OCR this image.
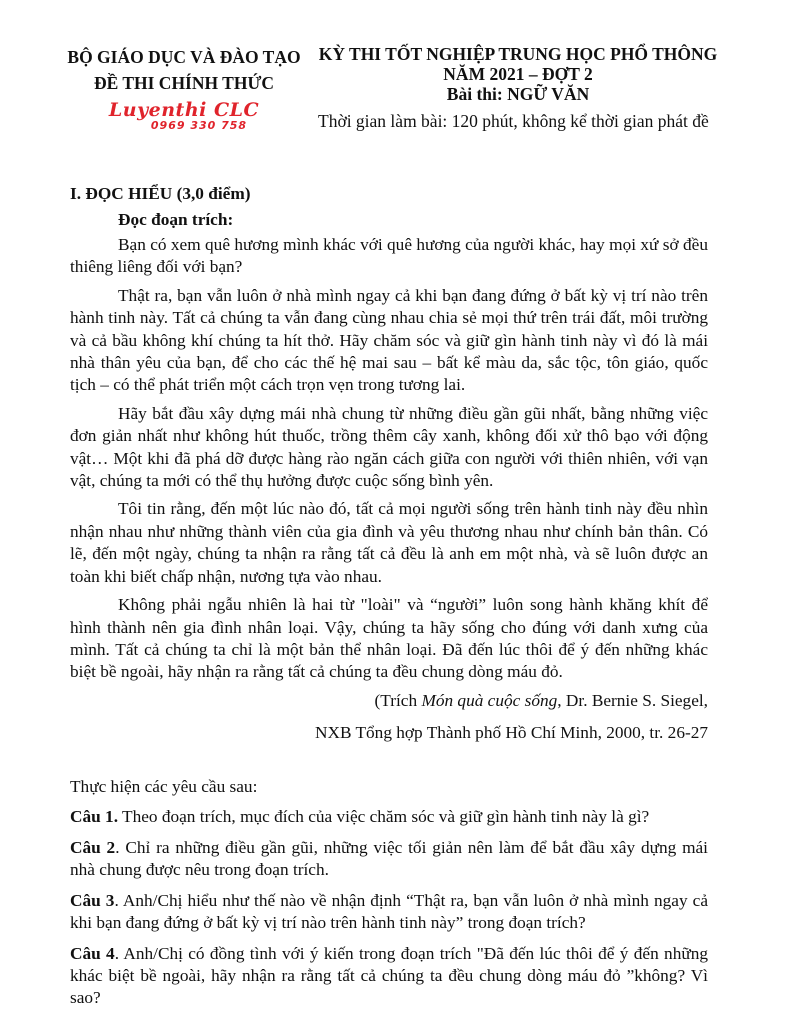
BỘ GIÁO DỤC VÀ ĐÀO TẠO
ĐỀ THI CHÍNH THỨC
Luyenthi CLC
0969 330 758
KỲ THI TỐT NGHIỆP TRUNG HỌC PHỔ THÔNG
NĂM 2021 – ĐỢT 2
Bài thi: NGỮ VĂN
Thời gian làm bài: 120 phút, không kể thời gian phát đề
I. ĐỌC HIỂU (3,0 điểm)
Đọc đoạn trích:

Bạn có xem quê hương mình khác với quê hương của người khác, hay mọi xứ sở đều thiêng liêng đối với bạn?

Thật ra, bạn vẫn luôn ở nhà mình ngay cả khi bạn đang đứng ở bất kỳ vị trí nào trên hành tinh này. Tất cả chúng ta vẫn đang cùng nhau chia sẻ mọi thứ trên trái đất, môi trường và cả bầu không khí chúng ta hít thở. Hãy chăm sóc và giữ gìn hành tinh này vì đó là mái nhà thân yêu của bạn, để cho các thế hệ mai sau – bất kể màu da, sắc tộc, tôn giáo, quốc tịch – có thể phát triển một cách trọn vẹn trong tương lai.

Hãy bắt đầu xây dựng mái nhà chung từ những điều gần gũi nhất, bằng những việc đơn giản nhất như không hút thuốc, trồng thêm cây xanh, không đối xử thô bạo với động vật… Một khi đã phá dỡ được hàng rào ngăn cách giữa con người với thiên nhiên, với vạn vật, chúng ta mới có thể thụ hưởng được cuộc sống bình yên.

Tôi tin rằng, đến một lúc nào đó, tất cả mọi người sống trên hành tinh này đều nhìn nhận nhau như những thành viên của gia đình và yêu thương nhau như chính bản thân. Có lẽ, đến một ngày, chúng ta nhận ra rằng tất cả đều là anh em một nhà, và sẽ luôn được an toàn khi biết chấp nhận, nương tựa vào nhau.

Không phải ngẫu nhiên là hai từ "loài" và “người” luôn song hành khăng khít để hình thành nên gia đình nhân loại. Vậy, chúng ta hãy sống cho đúng với danh xưng của mình. Tất cả chúng ta chỉ là một bản thể nhân loại. Đã đến lúc thôi để ý đến những khác biệt bề ngoài, hãy nhận ra rằng tất cả chúng ta đều chung dòng máu đỏ.

(Trích Món quà cuộc sống, Dr. Bernie S. Siegel,
NXB Tổng hợp Thành phố Hồ Chí Minh, 2000, tr. 26-27
Thực hiện các yêu cầu sau:

Câu 1. Theo đoạn trích, mục đích của việc chăm sóc và giữ gìn hành tinh này là gì?

Câu 2. Chỉ ra những điều gần gũi, những việc tối giản nên làm để bắt đầu xây dựng mái nhà chung được nêu trong đoạn trích.

Câu 3. Anh/Chị hiểu như thế nào về nhận định “Thật ra, bạn vẫn luôn ở nhà mình ngay cả khi bạn đang đứng ở bất kỳ vị trí nào trên hành tinh này” trong đoạn trích?

Câu 4. Anh/Chị có đồng tình với ý kiến trong đoạn trích "Đã đến lúc thôi để ý đến những khác biệt bề ngoài, hãy nhận ra rằng tất cả chúng ta đều chung dòng máu đỏ ”không? Vì sao?
